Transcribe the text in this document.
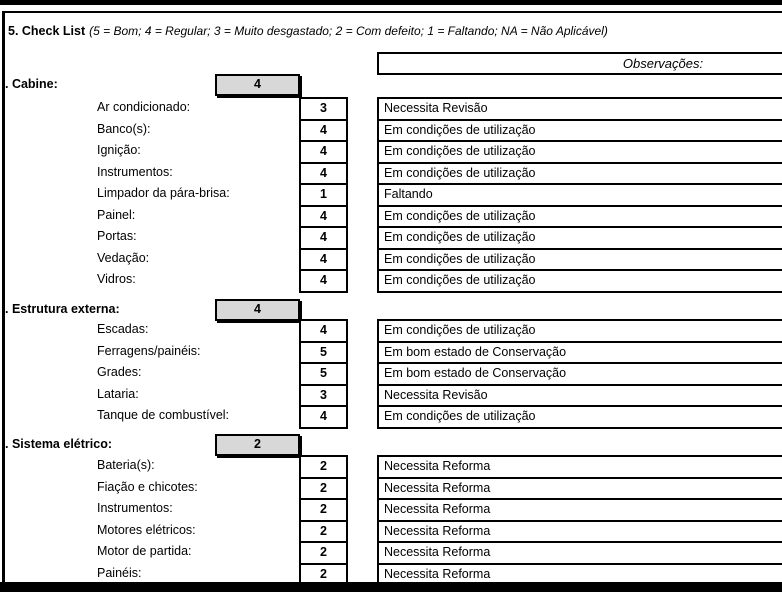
5. Check List (5 = Bom; 4 = Regular; 3 = Muito desgastado; 2 = Com defeito; 1 = Faltando; NA = Não Aplicável)
Observações:
. Cabine:	4
Ar condicionado:	3	Necessita Revisão
Banco(s):	4	Em condições de utilização
Ignição:	4	Em condições de utilização
Instrumentos:	4	Em condições de utilização
Limpador da pára-brisa:	1	Faltando
Painel:	4	Em condições de utilização
Portas:	4	Em condições de utilização
Vedação:	4	Em condições de utilização
Vidros:	4	Em condições de utilização
. Estrutura externa:	4
Escadas:	4	Em condições de utilização
Ferragens/painéis:	5	Em bom estado de Conservação
Grades:	5	Em bom estado de Conservação
Lataria:	3	Necessita Revisão
Tanque de combustível:	4	Em condições de utilização
. Sistema elétrico:	2
Bateria(s):	2	Necessita Reforma
Fiação e chicotes:	2	Necessita Reforma
Instrumentos:	2	Necessita Reforma
Motores elétricos:	2	Necessita Reforma
Motor de partida:	2	Necessita Reforma
Painéis:	2	Necessita Reforma
